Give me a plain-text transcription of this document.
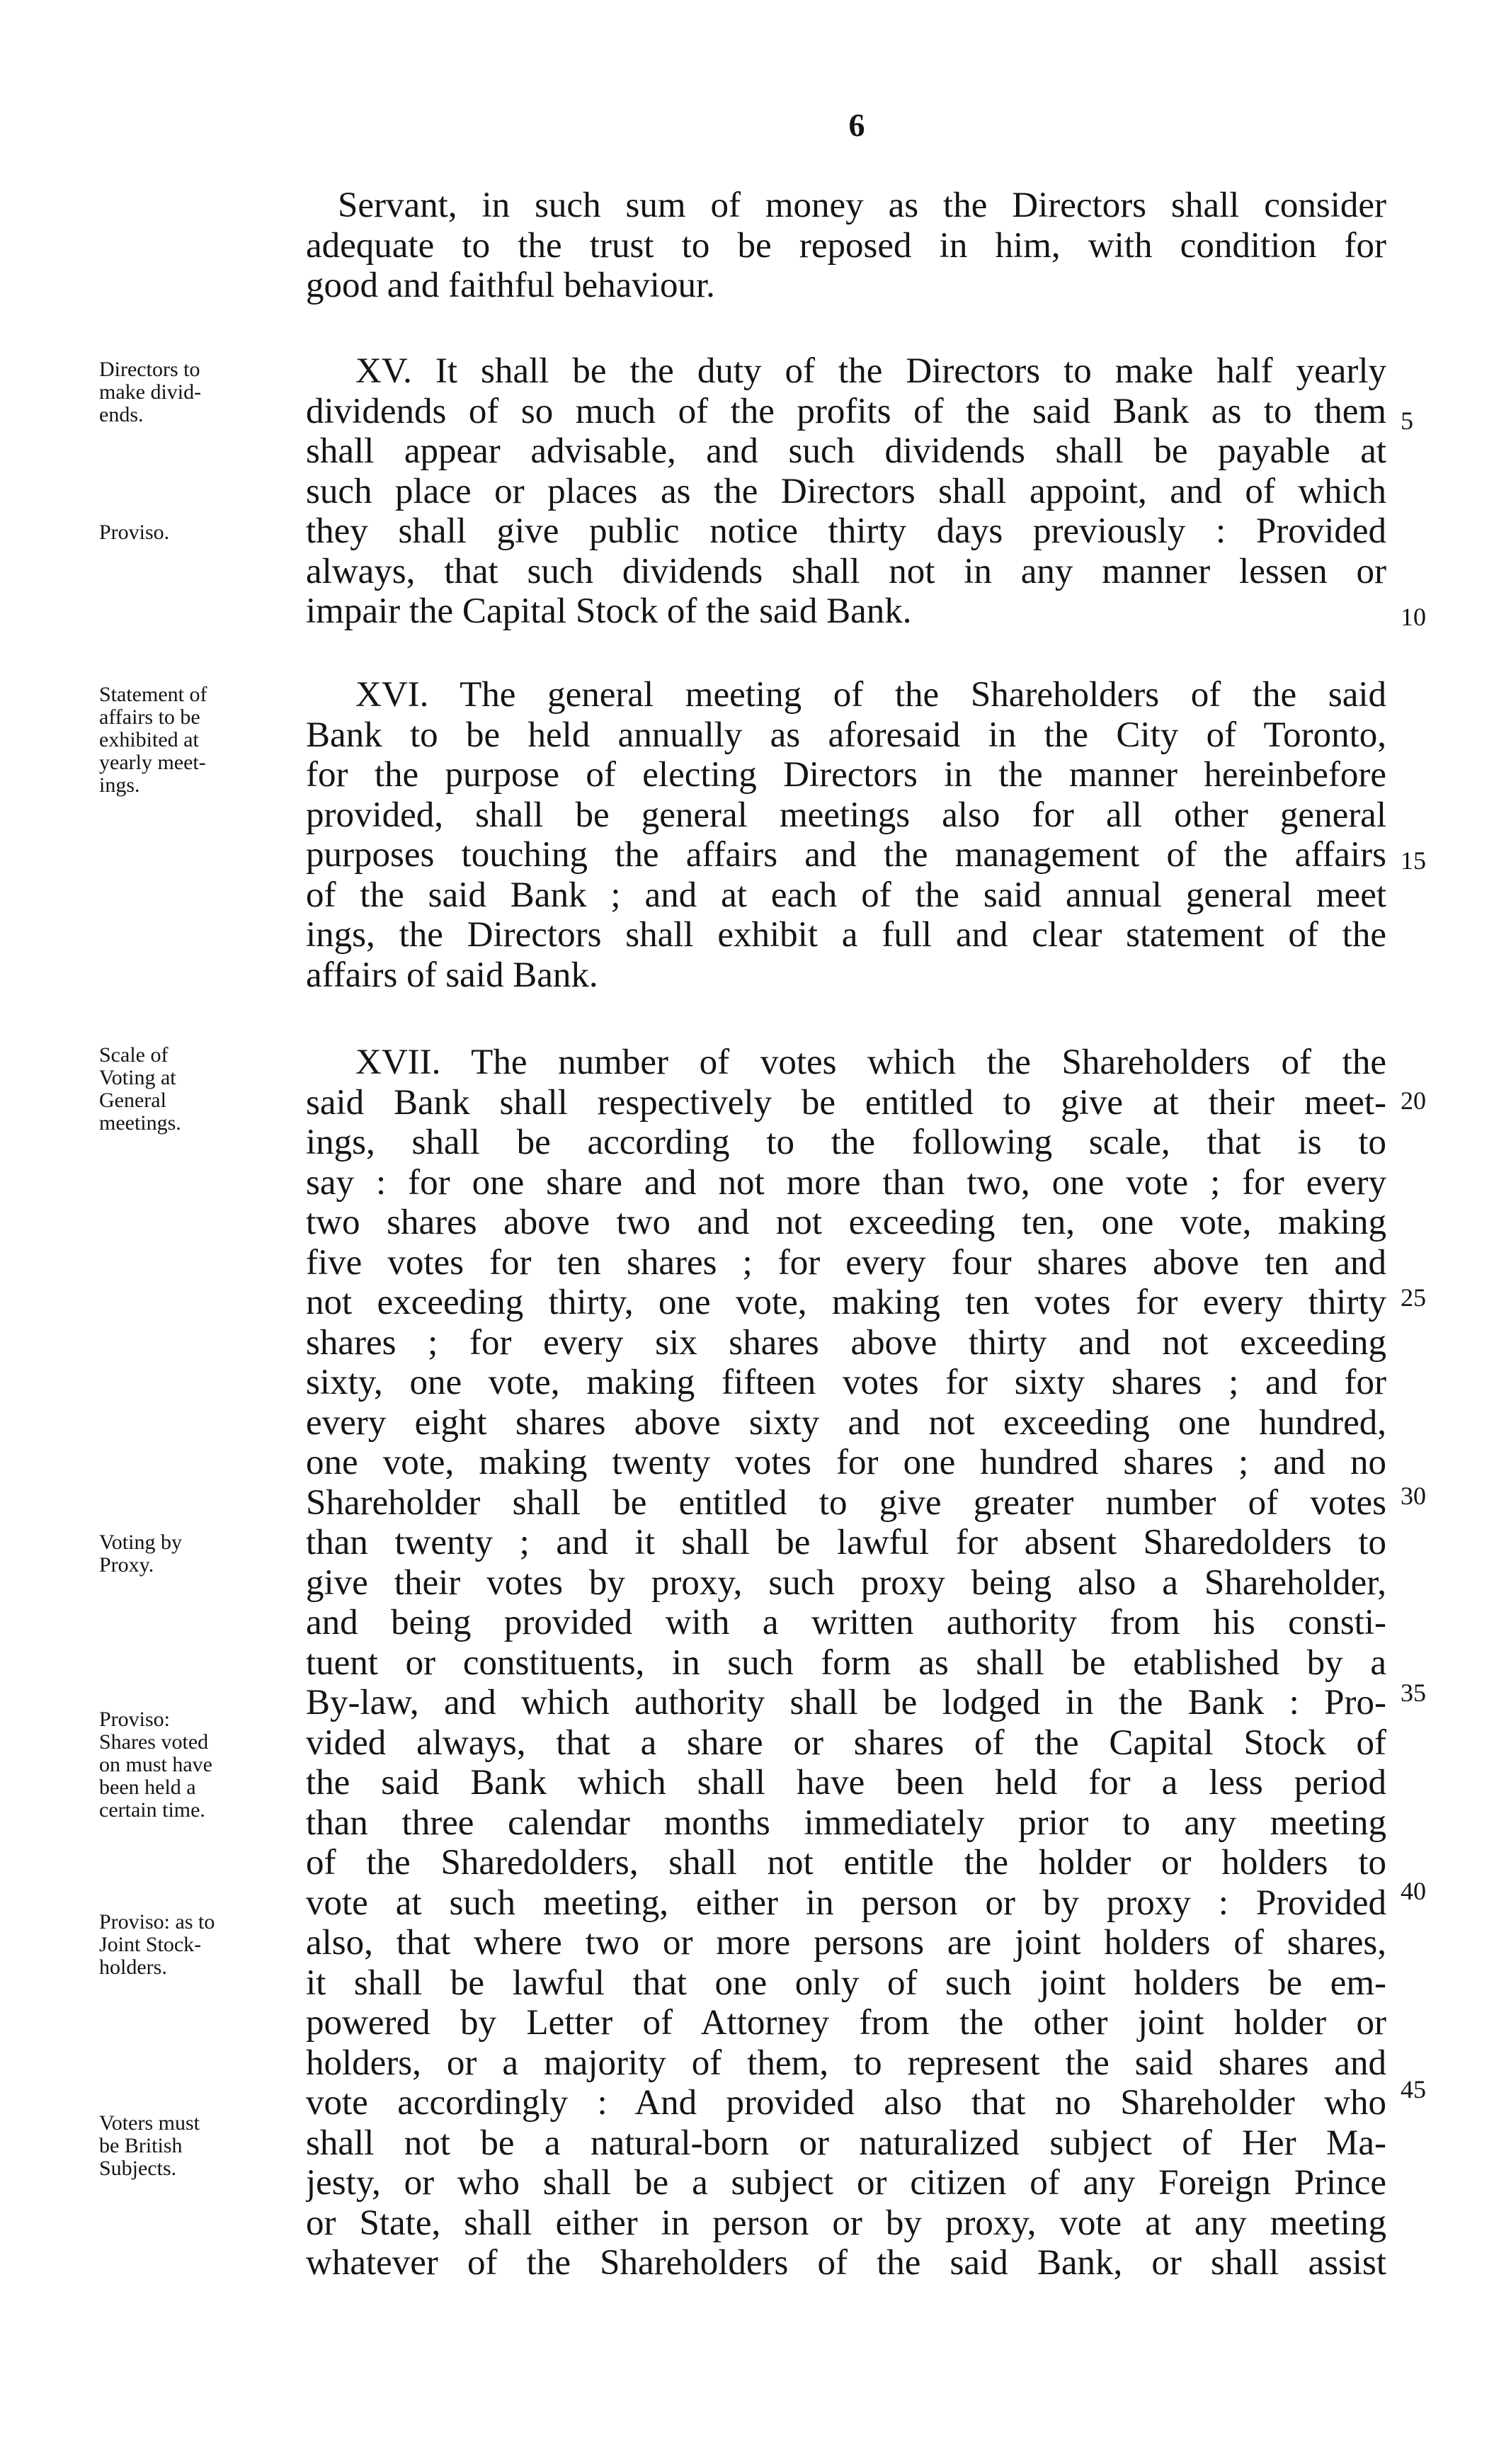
6
Servant, in such sum of money as the Directors shall consider
adequate to the trust to be reposed in him, with condition for
good and faithful behaviour.
Directors to
make divid-
ends.
Proviso.
XV. It shall be the duty of the Directors to make half yearly
dividends of so much of the profits of the said Bank as to them
shall appear advisable, and such dividends shall be payable at
such place or places as the Directors shall appoint, and of which
they shall give public notice thirty days previously : Provided
always, that such dividends shall not in any manner lessen or
impair the Capital Stock of the said Bank.
5
10
Statement of
affairs to be
exhibited at
yearly meet-
ings.
XVI. The general meeting of the Shareholders of the said
Bank to be held annually as aforesaid in the City of Toronto,
for the purpose of electing Directors in the manner hereinbefore
provided, shall be general meetings also for all other general
purposes touching the affairs and the management of the affairs
of the said Bank ; and at each of the said annual general meet
ings, the Directors shall exhibit a full and clear statement of the
affairs of said Bank.
15
Scale of
Voting at
General
meetings.
Voting by
Proxy.
Proviso:
Shares voted
on must have
been held a
certain time.
Proviso: as to
Joint Stock-
holders.
Voters must
be British
Subjects.
XVII. The number of votes which the Shareholders of the
said Bank shall respectively be entitled to give at their meet-
ings, shall be according to the following scale, that is to
say : for one share and not more than two, one vote ; for every
two shares above two and not exceeding ten, one vote, making
five votes for ten shares ; for every four shares above ten and
not exceeding thirty, one vote, making ten votes for every thirty
shares ; for every six shares above thirty and not exceeding
sixty, one vote, making fifteen votes for sixty shares ; and for
every eight shares above sixty and not exceeding one hundred,
one vote, making twenty votes for one hundred shares ; and no
Shareholder shall be entitled to give greater number of votes
than twenty ; and it shall be lawful for absent Sharedolders to
give their votes by proxy, such proxy being also a Shareholder,
and being provided with a written authority from his consti-
tuent or constituents, in such form as shall be etablished by a
By-law, and which authority shall be lodged in the Bank : Pro-
vided always, that a share or shares of the Capital Stock of
the said Bank which shall have been held for a less period
than three calendar months immediately prior to any meeting
of the Sharedolders, shall not entitle the holder or holders to
vote at such meeting, either in person or by proxy : Provided
also, that where two or more persons are joint holders of shares,
it shall be lawful that one only of such joint holders be em-
powered by Letter of Attorney from the other joint holder or
holders, or a majority of them, to represent the said shares and
vote accordingly : And provided also that no Shareholder who
shall not be a natural-born or naturalized subject of Her Ma-
jesty, or who shall be a subject or citizen of any Foreign Prince
or State, shall either in person or by proxy, vote at any meeting
whatever of the Shareholders of the said Bank, or shall assist
20
25
30
35
40
45
